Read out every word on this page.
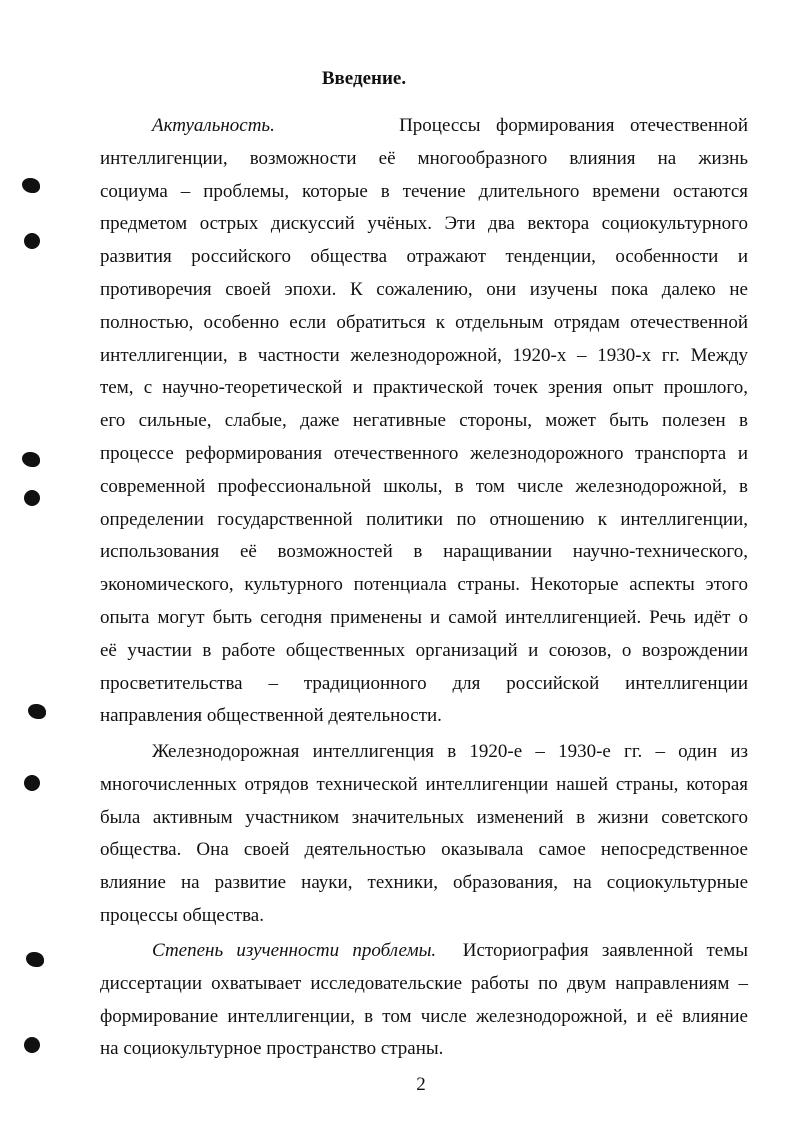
Введение.
Актуальность.	Процессы формирования отечественной
интеллигенции, возможности её многообразного влияния на жизнь
социума – проблемы, которые в течение длительного времени остаются
предметом острых дискуссий учёных. Эти два вектора социокультурного
развития российского общества отражают тенденции, особенности и
противоречия своей эпохи. К сожалению, они изучены пока далеко не
полностью, особенно если обратиться к отдельным отрядам отечественной
интеллигенции, в частности железнодорожной, 1920-х – 1930-х гг. Между
тем, с научно-теоретической и практической точек зрения опыт прошлого,
его сильные, слабые, даже негативные стороны, может быть полезен в
процессе реформирования отечественного железнодорожного транспорта и
современной профессиональной школы, в том числе железнодорожной, в
определении государственной политики по отношению к интеллигенции,
использования её возможностей в наращивании научно-технического,
экономического, культурного потенциала страны. Некоторые аспекты этого
опыта могут быть сегодня применены и самой интеллигенцией. Речь идёт о
её участии в работе общественных организаций и союзов, о возрождении
просветительства – традиционного для российской интеллигенции
направления общественной деятельности.
Железнодорожная интеллигенция в 1920-е – 1930-е гг. – один из
многочисленных отрядов технической интеллигенции нашей страны, которая
была активным участником значительных изменений в жизни советского
общества. Она своей деятельностью оказывала самое непосредственное
влияние на развитие науки, техники, образования, на социокультурные
процессы общества.
Степень изученности проблемы. Историография заявленной темы
диссертации охватывает исследовательские работы по двум направлениям –
формирование интеллигенции, в том числе железнодорожной, и её влияние
на социокультурное пространство страны.
2
